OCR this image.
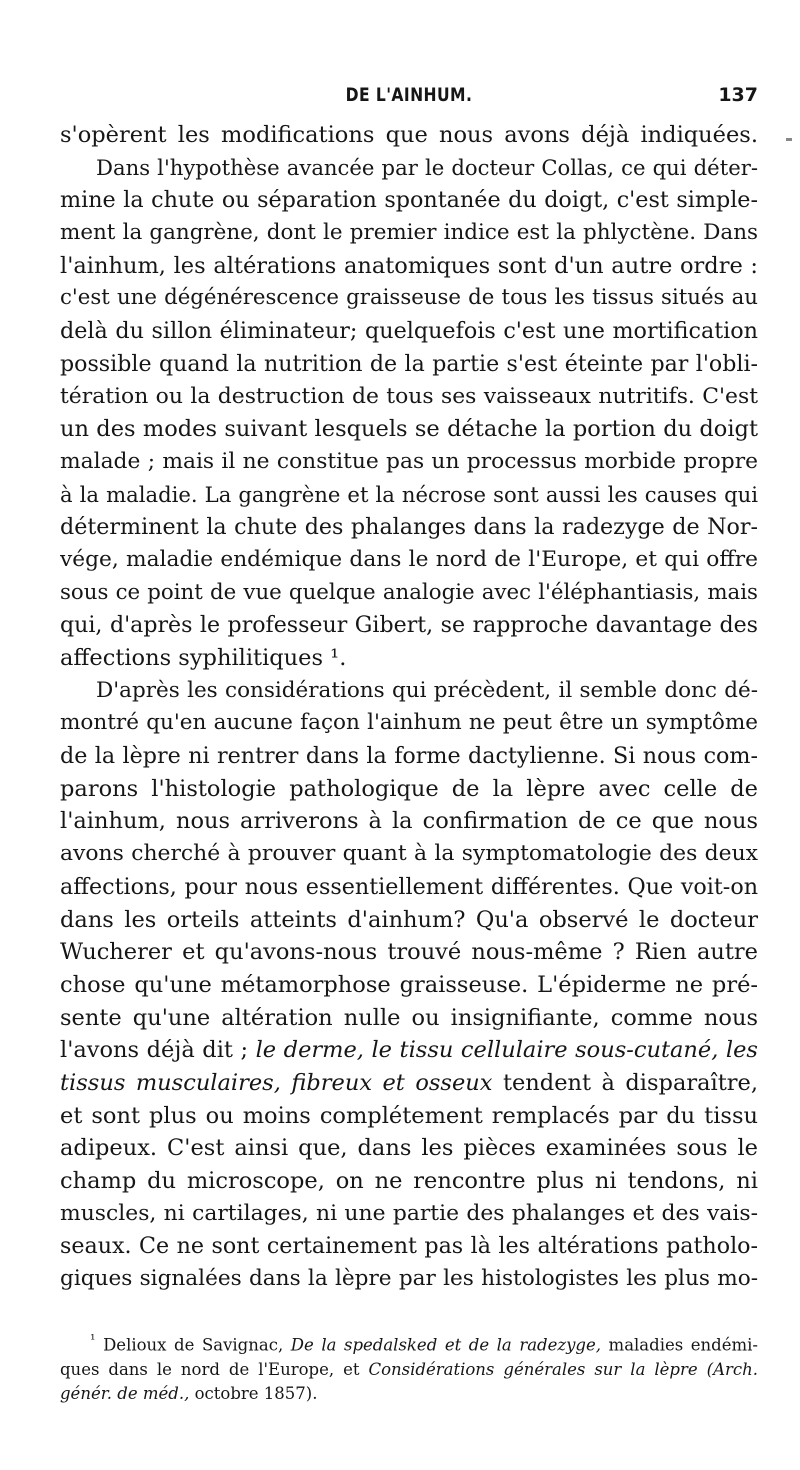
DE L'AINHUM.	137
s'opèrent les modifications que nous avons déjà indiquées.
Dans l'hypothèse avancée par le docteur Collas, ce qui déter-
mine la chute ou séparation spontanée du doigt, c'est simple-
ment la gangrène, dont le premier indice est la phlyctène. Dans
l'ainhum, les altérations anatomiques sont d'un autre ordre :
c'est une dégénérescence graisseuse de tous les tissus situés au
delà du sillon éliminateur; quelquefois c'est une mortification
possible quand la nutrition de la partie s'est éteinte par l'obli-
tération ou la destruction de tous ses vaisseaux nutritifs. C'est
un des modes suivant lesquels se détache la portion du doigt
malade ; mais il ne constitue pas un processus morbide propre
à la maladie. La gangrène et la nécrose sont aussi les causes qui
déterminent la chute des phalanges dans la radezyge de Nor-
vége, maladie endémique dans le nord de l'Europe, et qui offre
sous ce point de vue quelque analogie avec l'éléphantiasis, mais
qui, d'après le professeur Gibert, se rapproche davantage des
affections syphilitiques ¹.
D'après les considérations qui précèdent, il semble donc dé-
montré qu'en aucune façon l'ainhum ne peut être un symptôme
de la lèpre ni rentrer dans la forme dactylienne. Si nous com-
parons l'histologie pathologique de la lèpre avec celle de
l'ainhum, nous arriverons à la confirmation de ce que nous
avons cherché à prouver quant à la symptomatologie des deux
affections, pour nous essentiellement différentes. Que voit-on
dans les orteils atteints d'ainhum? Qu'a observé le docteur
Wucherer et qu'avons-nous trouvé nous-même ? Rien autre
chose qu'une métamorphose graisseuse. L'épiderme ne pré-
sente qu'une altération nulle ou insignifiante, comme nous
l'avons déjà dit ; le derme, le tissu cellulaire sous-cutané, les
tissus musculaires, fibreux et osseux tendent à disparaître,
et sont plus ou moins complétement remplacés par du tissu
adipeux. C'est ainsi que, dans les pièces examinées sous le
champ du microscope, on ne rencontre plus ni tendons, ni
muscles, ni cartilages, ni une partie des phalanges et des vais-
seaux. Ce ne sont certainement pas là les altérations patholo-
giques signalées dans la lèpre par les histologistes les plus mo-
$^{^1}$ Delioux de Savignac, De la spedalsked et de la radezyge, maladies endémi-
ques dans le nord de l'Europe, et Considérations générales sur la lèpre (Arch.
génér. de méd., octobre 1857).
